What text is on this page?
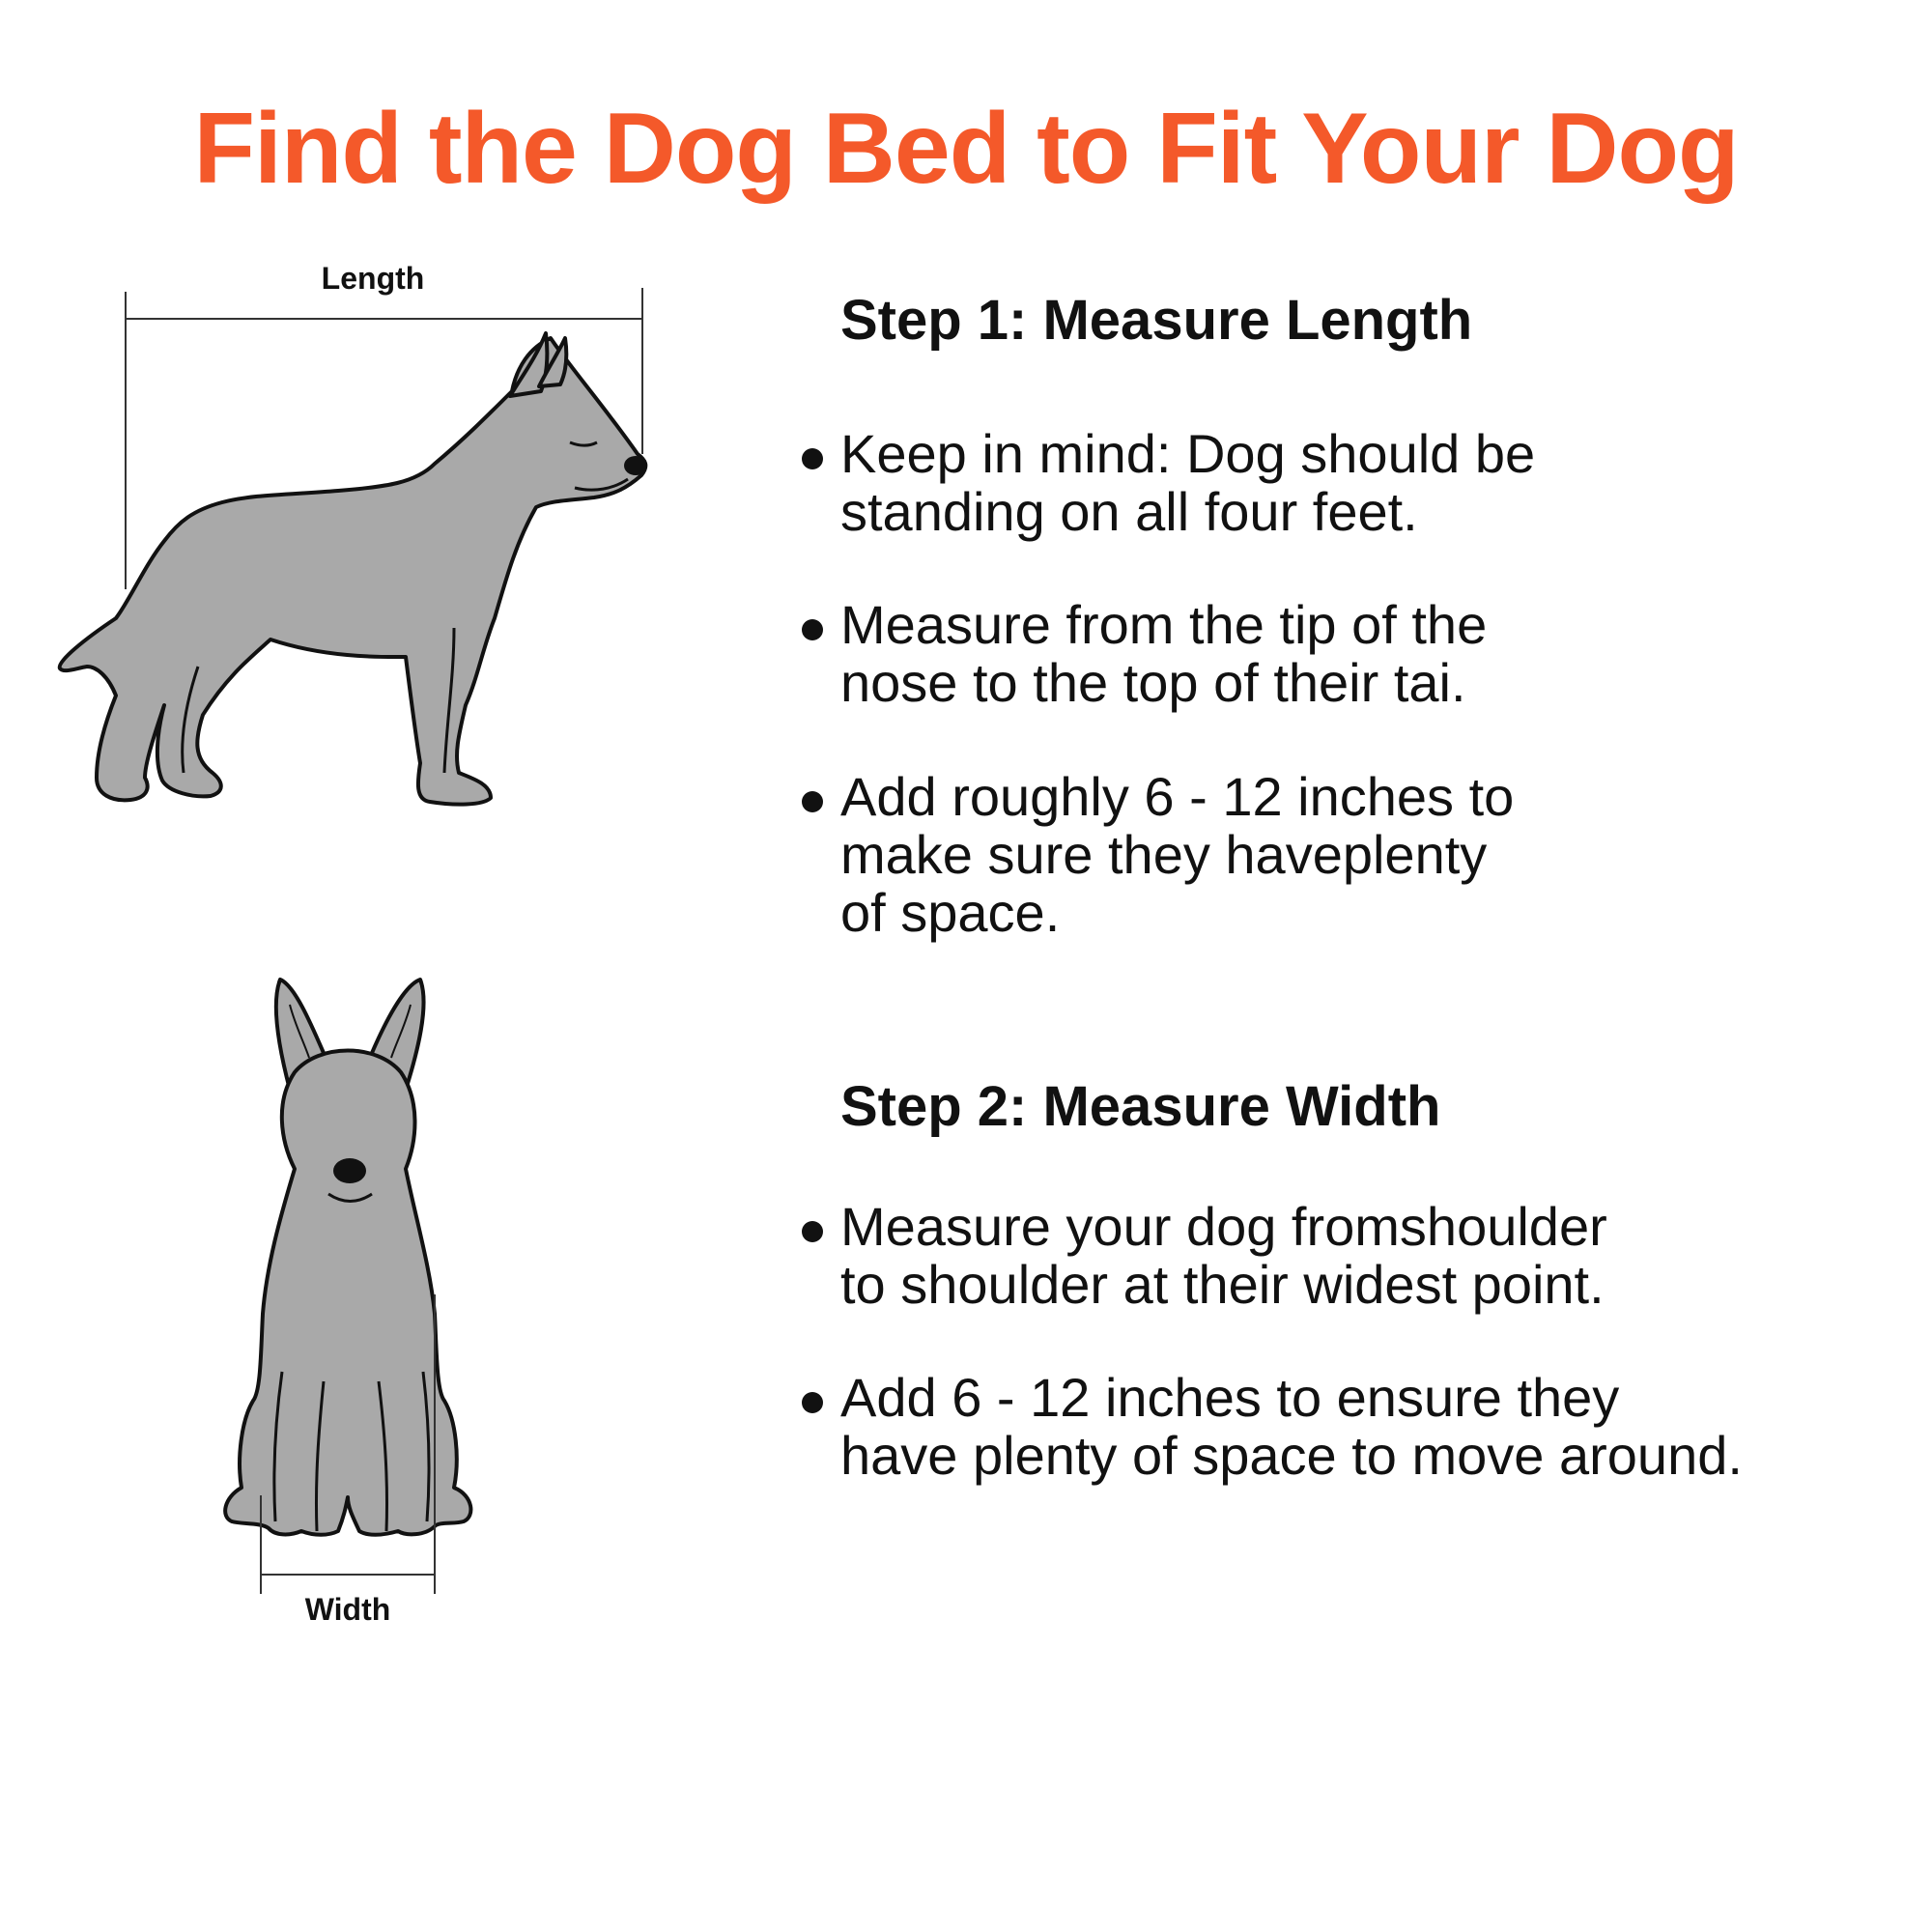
Find the Dog Bed to Fit Your Dog
Length
Width
Step 1: Measure Length
Keep in mind: Dog should be
standing on all four feet.
Measure from the tip of the
nose to the top of their tai.
Add roughly 6 - 12 inches to
make sure they haveplenty
of space.
Step 2: Measure Width
Measure your dog fromshoulder
to shoulder at their widest point.
Add 6 - 12 inches to ensure they
have plenty of space to move around.
